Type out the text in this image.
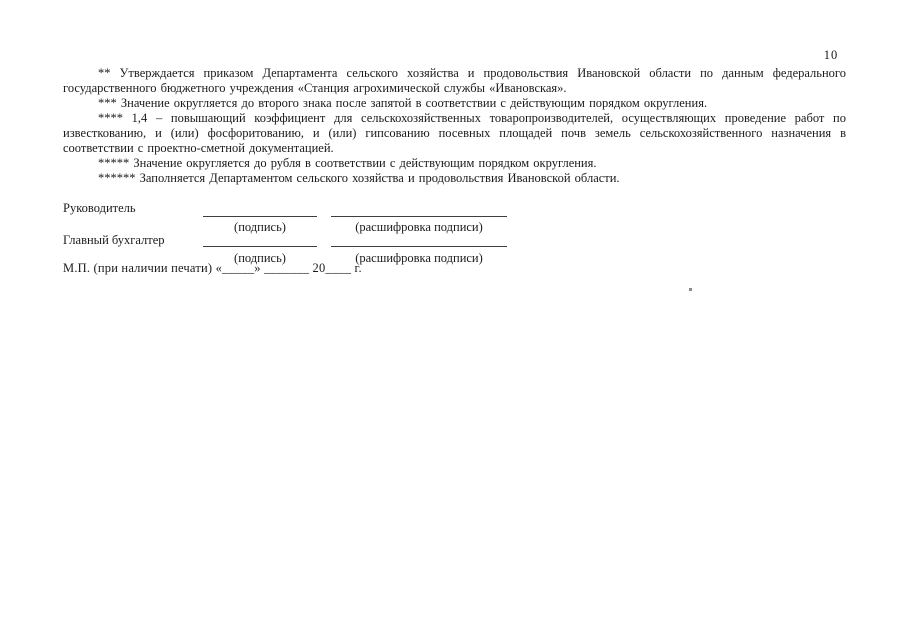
10
** Утверждается приказом Департамента сельского хозяйства и продовольствия Ивановской области по данным федерального
государственного бюджетного учреждения «Станция агрохимической службы «Ивановская».
*** Значение округляется до второго знака после запятой в соответствии с действующим порядком округления.
**** 1,4 – повышающий коэффициент для сельскохозяйственных товаропроизводителей, осуществляющих проведение работ по
известкованию, и (или) фосфоритованию, и (или) гипсованию посевных площадей почв земель сельскохозяйственного назначения в
соответствии с проектно-сметной документацией.
***** Значение округляется до рубля в соответствии с действующим порядком округления.
****** Заполняется Департаментом сельского хозяйства и продовольствия Ивановской области.
Руководитель
(подпись)	(расшифровка подписи)
Главный бухгалтер
(подпись)	(расшифровка подписи)
М.П. (при наличии печати) «_____» _______ 20____ г.
